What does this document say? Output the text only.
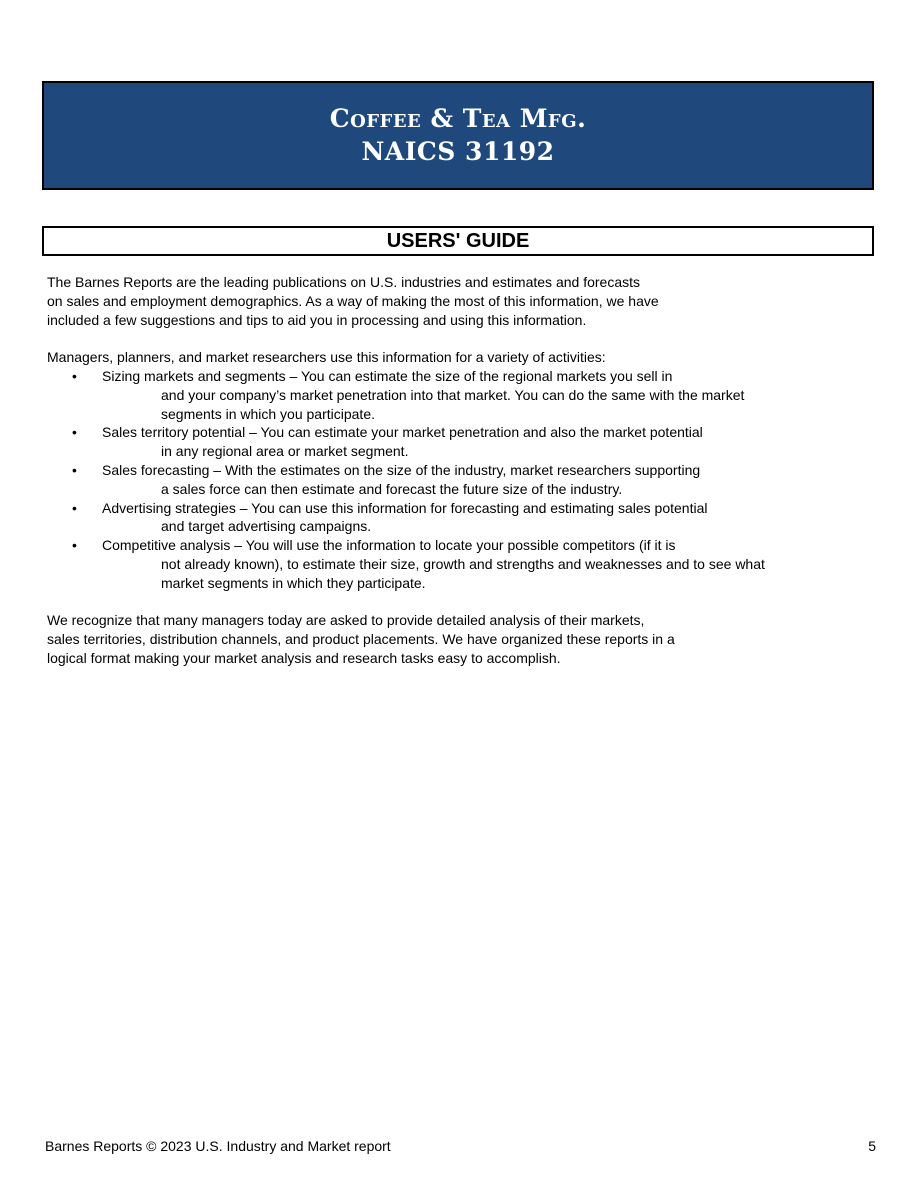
Coffee & Tea Mfg.
NAICS 31192
USERS' GUIDE

The Barnes Reports are the leading publications on U.S. industries and estimates and forecasts

on sales and employment demographics. As a way of making the most of this information, we have

included a few suggestions and tips to aid you in processing and using this information.

Managers, planners, and market researchers use this information for a variety of activities:

• Sizing markets and segments – You can estimate the size of the regional markets you sell in
and your company’s market penetration into that market. You can do the same with the market
segments in which you participate.
• Sales territory potential – You can estimate your market penetration and also the market potential
in any regional area or market segment.
• Sales forecasting – With the estimates on the size of the industry, market researchers supporting
a sales force can then estimate and forecast the future size of the industry.
• Advertising strategies – You can use this information for forecasting and estimating sales potential
and target advertising campaigns.
• Competitive analysis – You will use the information to locate your possible competitors (if it is
not already known), to estimate their size, growth and strengths and weaknesses and to see what
market segments in which they participate.

We recognize that many managers today are asked to provide detailed analysis of their markets,

sales territories, distribution channels, and product placements. We have organized these reports in a

logical format making your market analysis and research tasks easy to accomplish.

Barnes Reports © 2023 U.S. Industry and Market report	5
